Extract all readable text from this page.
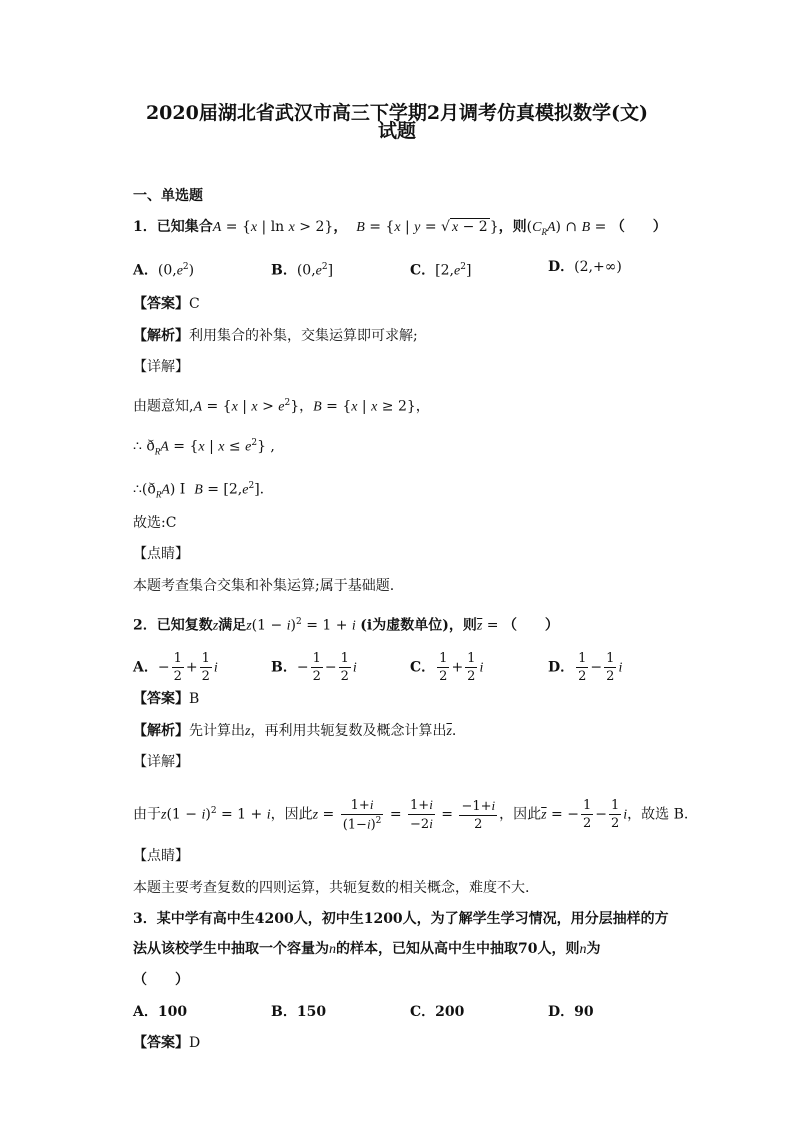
2020届湖北省武汉市高三下学期2月调考仿真模拟数学(文)
试题
一、单选题
1．已知集合A = {x | ln x > 2}， B = {x | y = √ x − 2 }，则$(C_RA)$ ∩ B = （　　）
A．$(0,e^2)$	B．$(0,e^2]$	C．$[2,e^2]$	D．(2,+∞)
【答案】C
【解析】利用集合的补集，交集运算即可求解;
【详解】
由题意知,A = {x | $x > e^2$}，B = {x | x ≥ 2}，
∴ $ð_RA = \{x$ | $x \le e^2$} ,
$\therefore(ð_RA)$ I  $B = [2,e^2]$.
故选:C
【点睛】
本题考查集合交集和补集运算;属于基础题.
2．已知复数z满足$z(1 - i)^2 = 1 + i$ (i为虚数单位)，则$\overline{z}$ = （　　）
A．− $\frac{1}{2} + \frac{1}{2}$ i	B．− $\frac{1}{2} - \frac{1}{2}$ i	C． $\frac{1}{2} + \frac{1}{2}$ i	D． $\frac{1}{2} - \frac{1}{2}$ i
【答案】B
【解析】先计算出z，再利用共轭复数及概念计算出$\overline{z}$.
【详解】
由于$z(1 - i)^2 = 1 + i$，因此$z = \frac{1+i}{(1-i)^2} = \frac{1+i}{-2i} = \frac{-1+i}{2}$ ，因此$\overline{z}$ = − $\frac{1}{2} - \frac{1}{2}$ i，故选 B.
【点睛】
本题主要考查复数的四则运算，共轭复数的相关概念，难度不大.
3．某中学有高中生4200人，初中生1200人，为了解学生学习情况，用分层抽样的方
法从该校学生中抽取一个容量为n的样本，已知从高中生中抽取70人，则n为
（　　）
A．100	B．150	C．200	D．90
【答案】D
